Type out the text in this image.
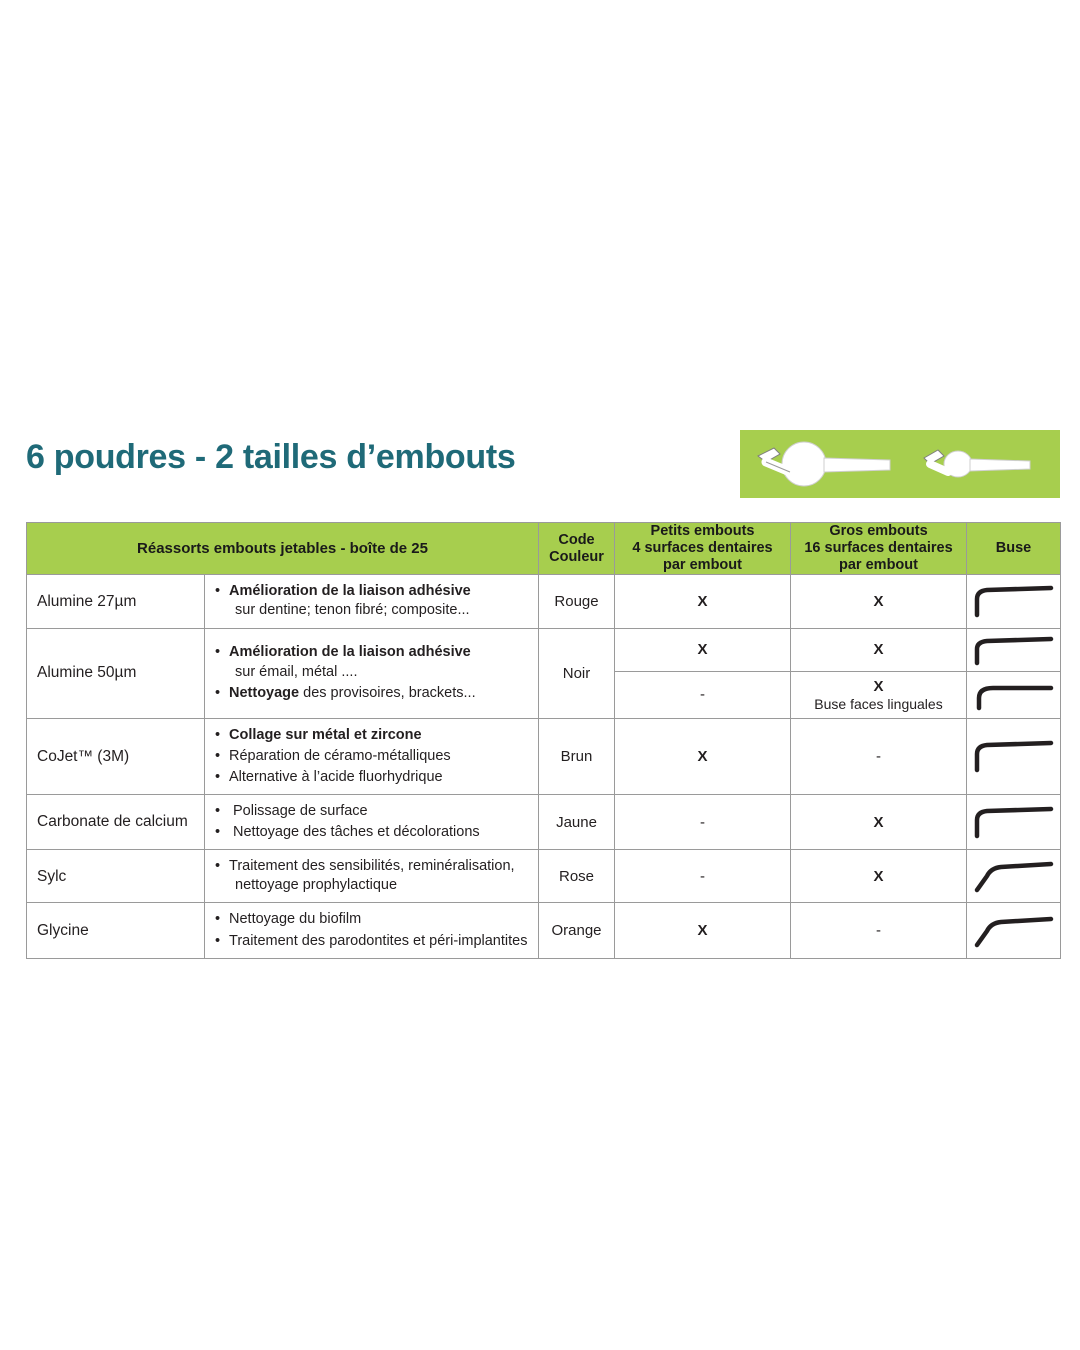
6 poudres - 2 tailles d’embouts
Réassorts embouts jetables - boîte de 25		Code
Couleur	Petits embouts
4 surfaces dentaires
par embout	Gros embouts
16 surfaces dentaires
par embout	Buse
Alumine 27µm	
• Amélioration de la liaison adhésive
sur dentine; tenon fibré; composite...
	Rouge	X	X	
Alumine 50µm	
• Amélioration de la liaison adhésive
sur émail, métal ....
• Nettoyage des provisoires, brackets...
	Noir	X	X	
			-	X
Buse faces linguales

CoJet™ (3M)	
• Collage sur métal et zircone
• Réparation de céramo-métalliques
• Alternative à l’acide fluorhydrique
	Brun	X	-	
Carbonate de calcium	
• Polissage de surface
• Nettoyage des tâches et décolorations
	Jaune	-	X	
Sylc	
• Traitement des sensibilités, reminéralisation,
nettoyage prophylactique
	Rose	-	X	
Glycine	
• Nettoyage du biofilm
• Traitement des parodontites et péri-implantites
	Orange	X	-	
